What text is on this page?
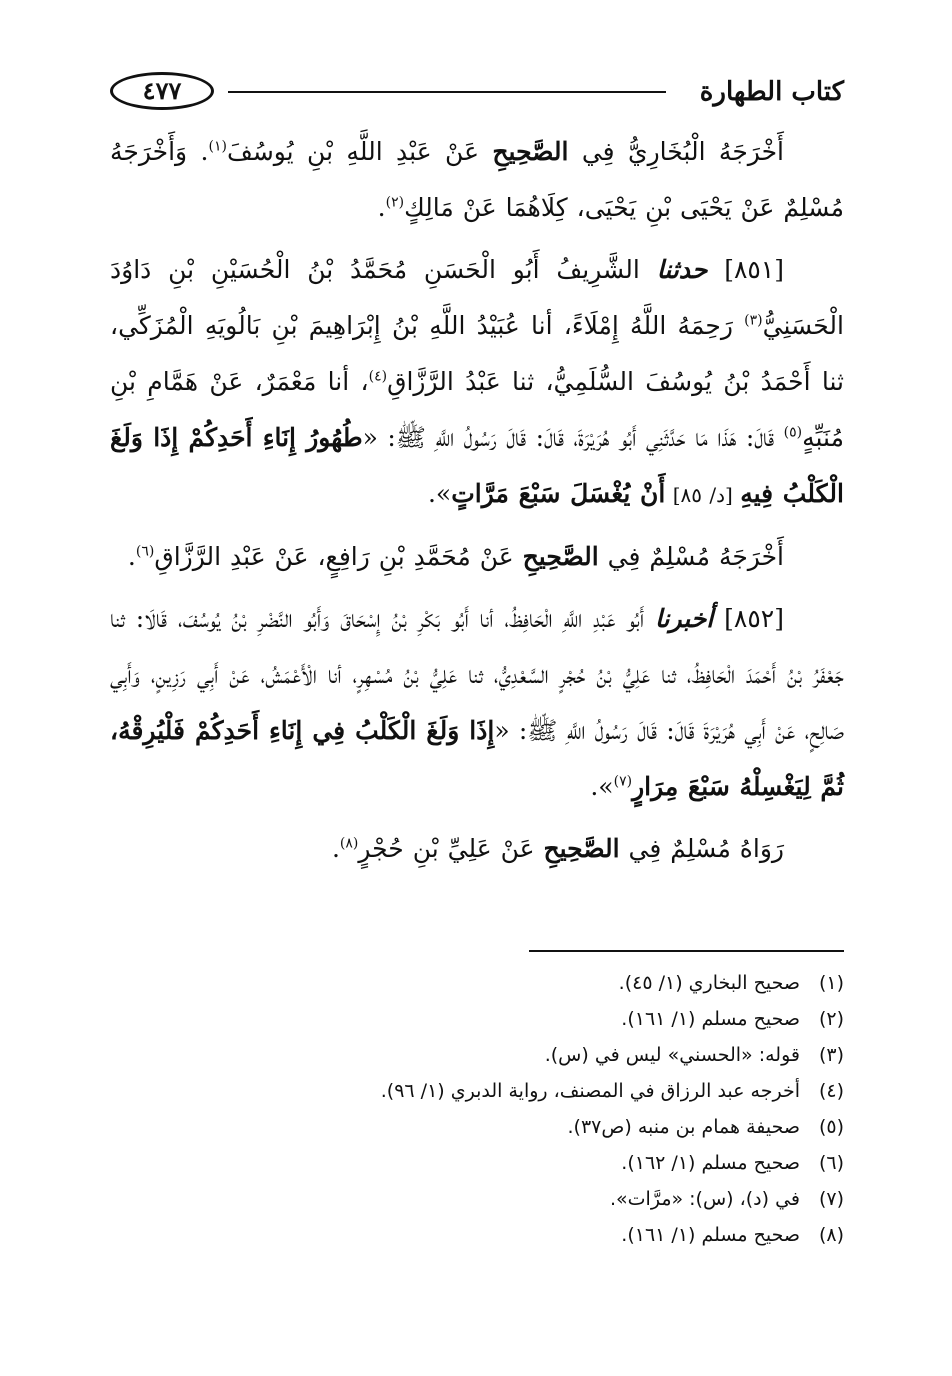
كتاب الطهارة
٤٧٧

أَخْرَجَهُ الْبُخَارِيُّ فِي الصَّحِيحِ عَنْ عَبْدِ اللَّهِ بْنِ يُوسُفَ$^{(١)}$. وَأَخْرَجَهُ مُسْلِمٌ عَنْ يَحْيَى بْنِ يَحْيَى، كِلَاهُمَا عَنْ مَالِكٍ$^{(٢)}$.

[٨٥١] حدثنا الشَّرِيفُ أَبُو الْحَسَنِ مُحَمَّدُ بْنُ الْحُسَيْنِ بْنِ دَاوُدَ الْحَسَنِيُّ$^{(٣)}$ رَحِمَهُ اللَّهُ إِمْلَاءً، أنا عُبَيْدُ اللَّهِ بْنُ إِبْرَاهِيمَ بْنِ بَالُويَهِ الْمُزَكِّي، ثنا أَحْمَدُ بْنُ يُوسُفَ السُّلَمِيُّ، ثنا عَبْدُ الرَّزَّاقِ$^{(٤)}$، أنا مَعْمَرٌ، عَنْ هَمَّامِ بْنِ مُنَبِّهٍ$^{(٥)}$ قَالَ: هَذَا مَا حَدَّثَنِي أَبُو هُرَيْرَةَ، قَالَ: قَالَ رَسُولُ اللَّهِ ﷺ: «طُهُورُ إِنَاءِ أَحَدِكُمْ إِذَا وَلَغَ الْكَلْبُ فِيهِ [د/ ٨٥] أَنْ يُغْسَلَ سَبْعَ مَرَّاتٍ».

أَخْرَجَهُ مُسْلِمٌ فِي الصَّحِيحِ عَنْ مُحَمَّدِ بْنِ رَافِعٍ، عَنْ عَبْدِ الرَّزَّاقِ$^{(٦)}$.

[٨٥٢] أخبرنا أَبُو عَبْدِ اللَّهِ الْحَافِظُ، أنا أَبُو بَكْرِ بْنُ إِسْحَاقَ وَأَبُو النَّضْرِ بْنُ يُوسُفَ، قَالَا: ثنا جَعْفَرُ بْنُ أَحْمَدَ الْحَافِظُ، ثنا عَلِيُّ بْنُ حُجْرٍ السَّعْدِيُّ، ثنا عَلِيُّ بْنُ مُسْهِرٍ، أنا الْأَعْمَشُ، عَنْ أَبِي رَزِينٍ، وَأَبِي صَالِحٍ، عَنْ أَبِي هُرَيْرَةَ قَالَ: قَالَ رَسُولُ اللَّهِ ﷺ: «إِذَا وَلَغَ الْكَلْبُ فِي إِنَاءِ أَحَدِكُمْ فَلْيُرِقْهُ، ثُمَّ لِيَغْسِلْهُ سَبْعَ مِرَارٍ$^{(٧)}$».

رَوَاهُ مُسْلِمٌ فِي الصَّحِيحِ عَنْ عَلِيِّ بْنِ حُجْرٍ$^{(٨)}$.

(١)صحيح البخاري (١/ ٤٥).
(٢)صحيح مسلم (١/ ١٦١).
(٣)قوله: «الحسني» ليس في (س).
(٤)أخرجه عبد الرزاق في المصنف، رواية الدبري (١/ ٩٦).
(٥)صحيفة همام بن منبه (ص٣٧).
(٦)صحيح مسلم (١/ ١٦٢).
(٧)في (د)، (س): «مرَّات».
(٨)صحيح مسلم (١/ ١٦١).
